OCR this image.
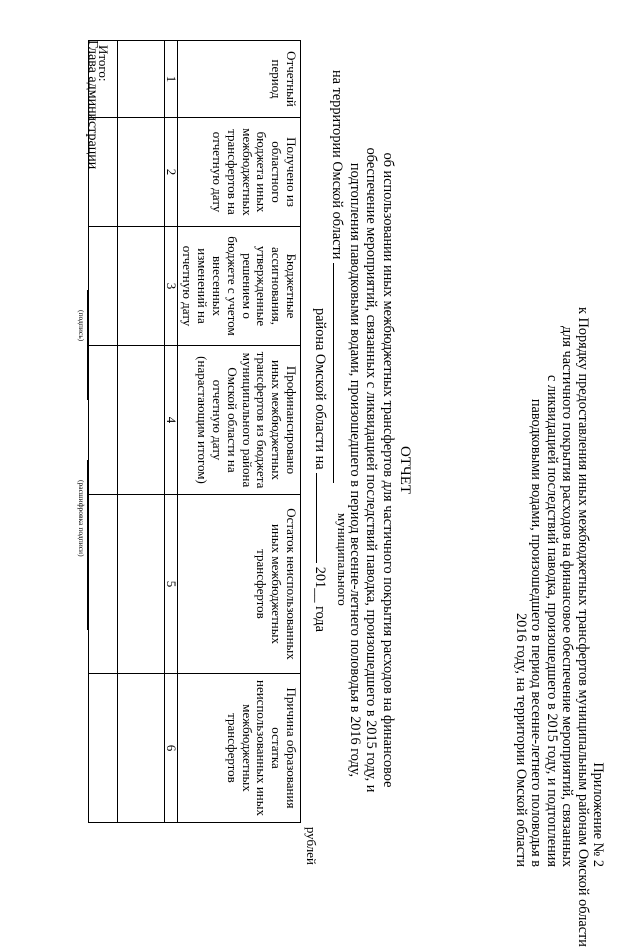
Приложение № 2
к Порядку предоставления иных межбюджетных трансфертов муниципальным районам Омской области
для частичного покрытия расходов на финансовое обеспечение мероприятий, связанных
с ликвидацией последствий паводка, произошедшего в 2015 году, и подтопления
паводковыми водами, произошедшего в период весенне-летнего половодья в
2016 году, на территории Омской области
ОТЧЕТ
об использовании иных межбюджетных трансфертов для частичного покрытия расходов на финансовое
обеспечение мероприятий, связанных с ликвидацией последствий паводка, произошедшего в 2015 году, и
подтопления паводковыми водами, произошедшего в период весенне-летнего половодья в 2016 году,
на территории Омской области
муниципального
района Омской области на  201__ года
рублей
Отчетный период	Получено из областного бюджета иных межбюджетных трансфертов на отчетную дату	Бюджетные ассигнования, утвержденные решением о бюджете с учетом внесенных изменений на отчетную дату	Профинансировано иных межбюджетных трансфертов из бюджета муниципального района Омской области на отчетную дату (нарастающим итогом)	Остаток неиспользованных иных межбюджетных трансфертов	Причина образования остатка неиспользованных иных межбюджетных трансфертов
1	2	3	4	5	6

Итого:					
Глава администрации
(подпись)
(расшифровка подписи)
